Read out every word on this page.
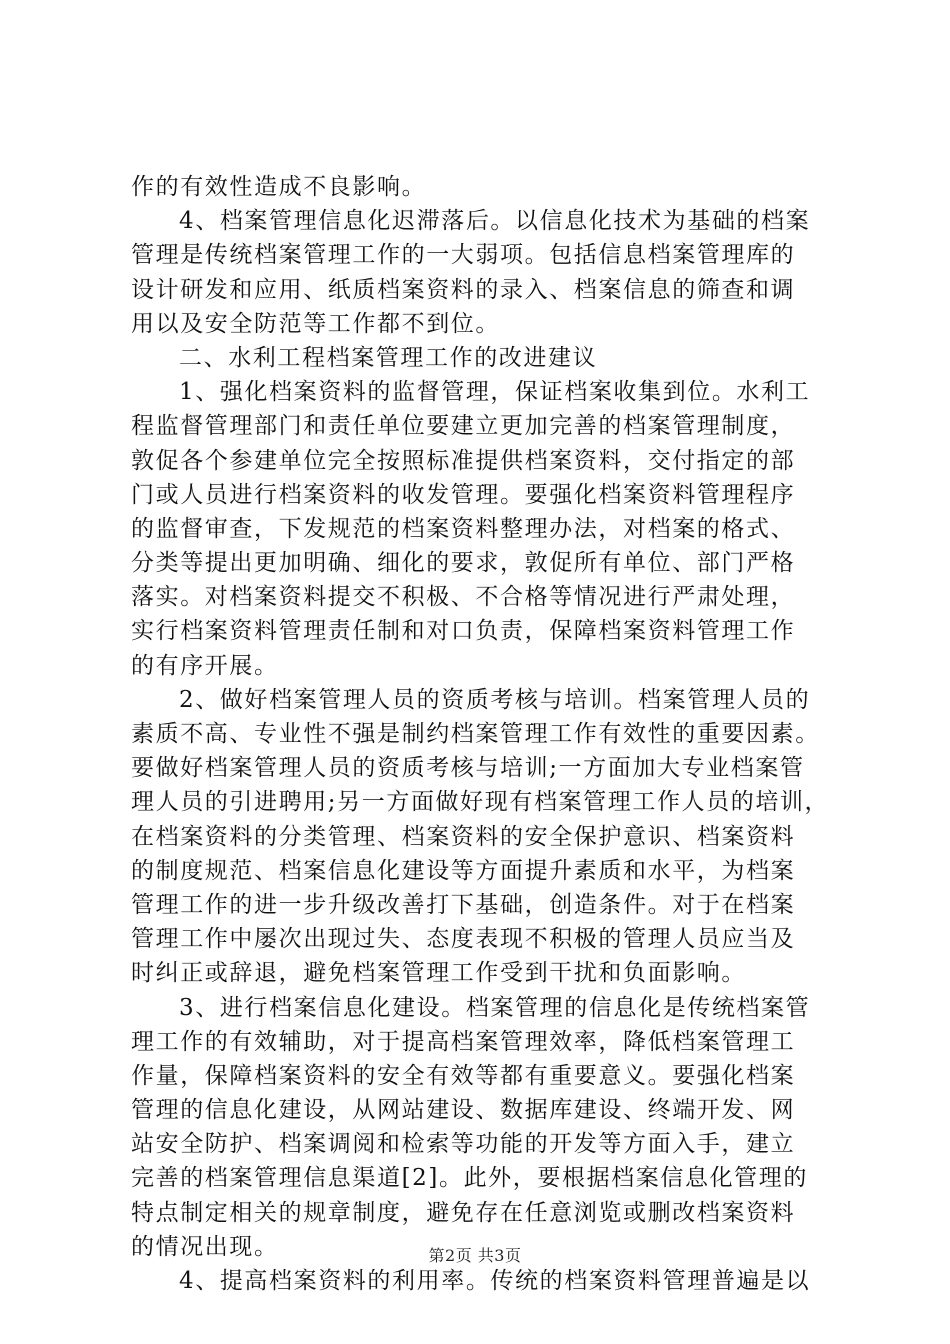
作的有效性造成不良影响。
4、档案管理信息化迟滞落后。以信息化技术为基础的档案
管理是传统档案管理工作的一大弱项。包括信息档案管理库的
设计研发和应用、纸质档案资料的录入、档案信息的筛查和调
用以及安全防范等工作都不到位。
二、水利工程档案管理工作的改进建议
1、强化档案资料的监督管理，保证档案收集到位。水利工
程监督管理部门和责任单位要建立更加完善的档案管理制度，
敦促各个参建单位完全按照标准提供档案资料，交付指定的部
门或人员进行档案资料的收发管理。要强化档案资料管理程序
的监督审查，下发规范的档案资料整理办法，对档案的格式、
分类等提出更加明确、细化的要求，敦促所有单位、部门严格
落实。对档案资料提交不积极、不合格等情况进行严肃处理，
实行档案资料管理责任制和对口负责，保障档案资料管理工作
的有序开展。
2、做好档案管理人员的资质考核与培训。档案管理人员的
素质不高、专业性不强是制约档案管理工作有效性的重要因素。
要做好档案管理人员的资质考核与培训;一方面加大专业档案管
理人员的引进聘用;另一方面做好现有档案管理工作人员的培训，
在档案资料的分类管理、档案资料的安全保护意识、档案资料
的制度规范、档案信息化建设等方面提升素质和水平，为档案
管理工作的进一步升级改善打下基础，创造条件。对于在档案
管理工作中屡次出现过失、态度表现不积极的管理人员应当及
时纠正或辞退，避免档案管理工作受到干扰和负面影响。
3、进行档案信息化建设。档案管理的信息化是传统档案管
理工作的有效辅助，对于提高档案管理效率，降低档案管理工
作量，保障档案资料的安全有效等都有重要意义。要强化档案
管理的信息化建设，从网站建设、数据库建设、终端开发、网
站安全防护、档案调阅和检索等功能的开发等方面入手，建立
完善的档案管理信息渠道[2]。此外，要根据档案信息化管理的
特点制定相关的规章制度，避免存在任意浏览或删改档案资料
的情况出现。
4、提高档案资料的利用率。传统的档案资料管理普遍是以
第2页 共3页
